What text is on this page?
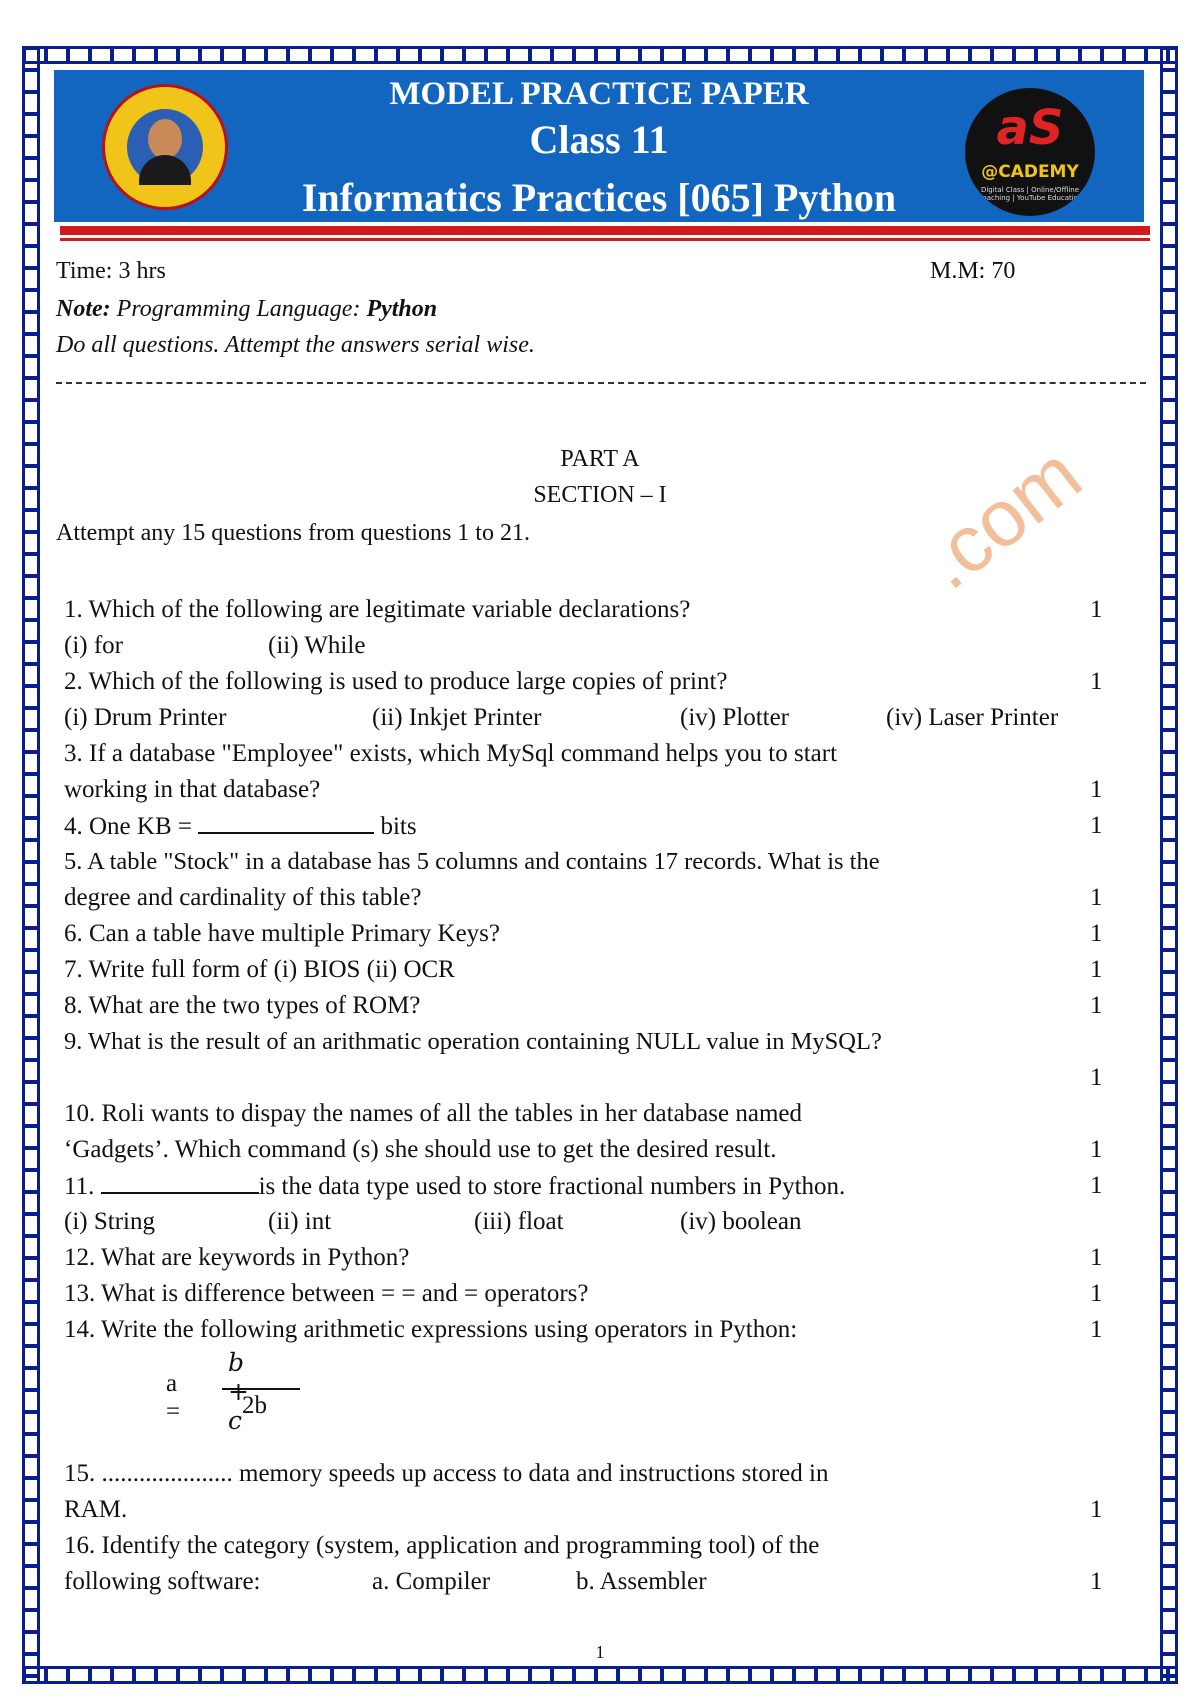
MODEL PRACTICE PAPER
Class 11
Informatics Practices [065] Python
aS
@CADEMY
Digital Class | Online/Offline Coaching | YouTube Education
Time: 3 hrs	M.M: 70
Note: Programming Language: Python
Do all questions. Attempt the answers serial wise.
PART A
SECTION – I
Attempt any 15 questions from questions 1 to 21.	.com
1. Which of the following are legitimate variable declarations?	1
(i) for	(ii) While
2. Which of the following is used to produce large copies of print?	1
(i) Drum Printer	(ii) Inkjet Printer	(iv) Plotter	(iv) Laser Printer
3. If a database "Employee" exists, which MySql command helps you to start
working in that database?	1
4. One KB =	bits	1
5. A table "Stock" in a database has 5 columns and contains 17 records. What is the
degree and cardinality of this table?	1
6. Can a table have multiple Primary Keys?	1
7. Write full form of (i) BIOS (ii) OCR	1
8. What are the two types of ROM?	1
9. What is the result of an arithmatic operation containing NULL value in MySQL?
1
10. Roli wants to dispay the names of all the tables in her database named
‘Gadgets’. Which command (s) she should use to get the desired result.	1
11.	is the data type used to store fractional numbers in Python.	1
(i) String	(ii) int	(iii) float	(iv) boolean
12. What are keywords in Python?	1
13. What is difference between = = and = operators?	1
14. Write the following arithmetic expressions using operators in Python:	1
a =
b + c
2b
15. ..................... memory speeds up access to data and instructions stored in
RAM.	1
16. Identify the category (system, application and programming tool) of the
following software:	a. Compiler	b. Assembler	1
1
